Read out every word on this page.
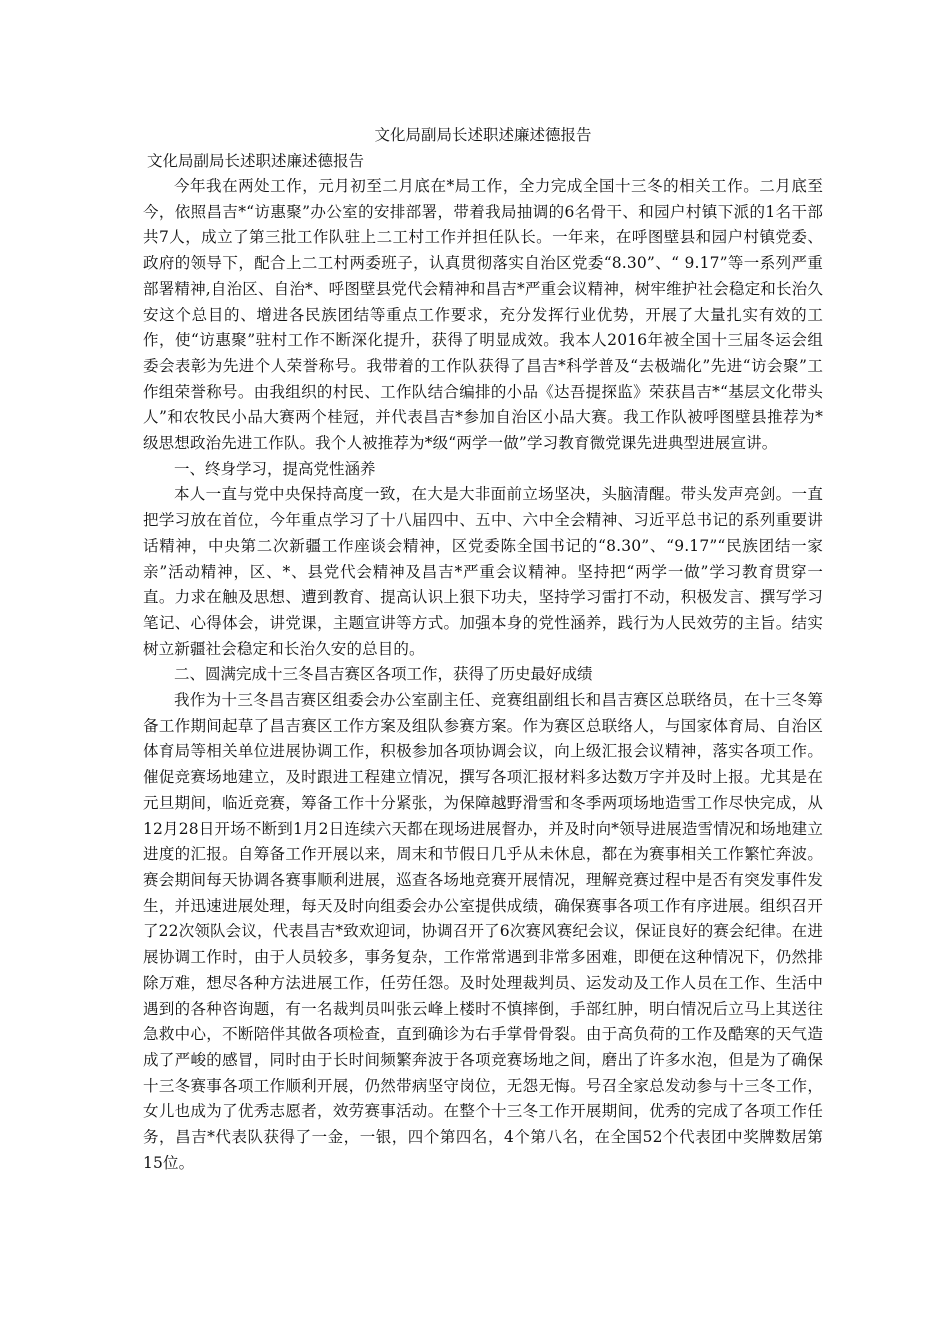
文化局副局长述职述廉述德报告

文化局副局长述职述廉述德报告

今年我在两处工作，元月初至二月底在*局工作，全力完成全国十三冬的相关工作。二月底至今，依照昌吉*“访惠聚”办公室的安排部署，带着我局抽调的6名骨干、和园户村镇下派的1名干部共7人，成立了第三批工作队驻上二工村工作并担任队长。一年来，在呼图壁县和园户村镇党委、政府的领导下，配合上二工村两委班子，认真贯彻落实自治区党委“8.30”、“ 9.17”等一系列严重部署精神,自治区、自治*、呼图壁县党代会精神和昌吉*严重会议精神，树牢维护社会稳定和长治久安这个总目的、增进各民族团结等重点工作要求，充分发挥行业优势，开展了大量扎实有效的工作，使“访惠聚”驻村工作不断深化提升，获得了明显成效。我本人2016年被全国十三届冬运会组委会表彰为先进个人荣誉称号。我带着的工作队获得了昌吉*科学普及“去极端化”先进“访会聚”工作组荣誉称号。由我组织的村民、工作队结合编排的小品《达吾提探监》荣获昌吉*“基层文化带头人”和农牧民小品大赛两个桂冠，并代表昌吉*参加自治区小品大赛。我工作队被呼图壁县推荐为*级思想政治先进工作队。我个人被推荐为*级“两学一做”学习教育微党课先进典型进展宣讲。

一、终身学习，提高党性涵养

本人一直与党中央保持高度一致，在大是大非面前立场坚决，头脑清醒。带头发声亮剑。一直把学习放在首位，今年重点学习了十八届四中、五中、六中全会精神、习近平总书记的系列重要讲话精神，中央第二次新疆工作座谈会精神，区党委陈全国书记的“8.30”、“9.17”“民族团结一家亲”活动精神，区、*、县党代会精神及昌吉*严重会议精神。坚持把“两学一做”学习教育贯穿一直。力求在触及思想、遭到教育、提高认识上狠下功夫，坚持学习雷打不动，积极发言、撰写学习笔记、心得体会，讲党课，主题宣讲等方式。加强本身的党性涵养，践行为人民效劳的主旨。结实树立新疆社会稳定和长治久安的总目的。

二、圆满完成十三冬昌吉赛区各项工作，获得了历史最好成绩

我作为十三冬昌吉赛区组委会办公室副主任、竞赛组副组长和昌吉赛区总联络员，在十三冬筹备工作期间起草了昌吉赛区工作方案及组队参赛方案。作为赛区总联络人，与国家体育局、自治区体育局等相关单位进展协调工作，积极参加各项协调会议，向上级汇报会议精神，落实各项工作。催促竞赛场地建立，及时跟进工程建立情况，撰写各项汇报材料多达数万字并及时上报。尤其是在元旦期间，临近竞赛，筹备工作十分紧张，为保障越野滑雪和冬季两项场地造雪工作尽快完成，从12月28日开场不断到1月2日连续六天都在现场进展督办，并及时向*领导进展造雪情况和场地建立进度的汇报。自筹备工作开展以来，周末和节假日几乎从未休息，都在为赛事相关工作繁忙奔波。赛会期间每天协调各赛事顺利进展，巡查各场地竞赛开展情况，理解竞赛过程中是否有突发事件发生，并迅速进展处理，每天及时向组委会办公室提供成绩，确保赛事各项工作有序进展。组织召开了22次领队会议，代表昌吉*致欢迎词，协调召开了6次赛风赛纪会议，保证良好的赛会纪律。在进展协调工作时，由于人员较多，事务复杂，工作常常遇到非常多困难，即便在这种情况下，仍然排除万难，想尽各种方法进展工作，任劳任怨。及时处理裁判员、运发动及工作人员在工作、生活中遇到的各种咨询题，有一名裁判员叫张云峰上楼时不慎摔倒，手部红肿，明白情况后立马上其送往急救中心，不断陪伴其做各项检查，直到确诊为右手掌骨骨裂。由于高负荷的工作及酷寒的天气造成了严峻的感冒，同时由于长时间频繁奔波于各项竞赛场地之间，磨出了许多水泡，但是为了确保十三冬赛事各项工作顺利开展，仍然带病坚守岗位，无怨无悔。号召全家总发动参与十三冬工作，女儿也成为了优秀志愿者，效劳赛事活动。在整个十三冬工作开展期间，优秀的完成了各项工作任务，昌吉*代表队获得了一金，一银，四个第四名，4个第八名，在全国52个代表团中奖牌数居第15位。
